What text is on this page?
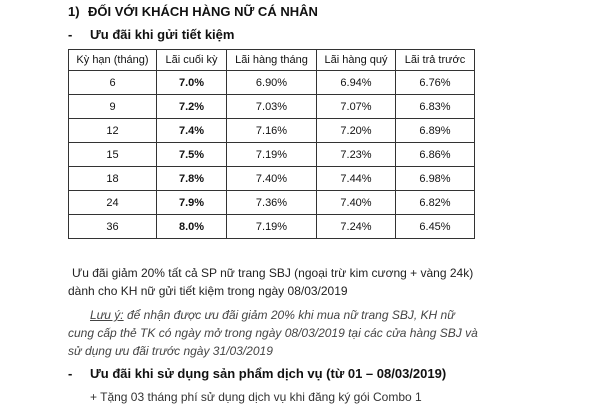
1) ĐỐI VỚI KHÁCH HÀNG NỮ CÁ NHÂN
- Ưu đãi khi gửi tiết kiệm
Kỳ hạn (tháng)	Lãi cuối kỳ	Lãi hàng tháng	Lãi hàng quý	Lãi trả trước
6	7.0%	6.90%	6.94%	6.76%
9	7.2%	7.03%	7.07%	6.83%
12	7.4%	7.16%	7.20%	6.89%
15	7.5%	7.19%	7.23%	6.86%
18	7.8%	7.40%	7.44%	6.98%
24	7.9%	7.36%	7.40%	6.82%
36	8.0%	7.19%	7.24%	6.45%
Ưu đãi giảm 20% tất cả SP nữ trang SBJ (ngoại trừ kim cương + vàng 24k) dành cho KH nữ gửi tiết kiệm trong ngày 08/03/2019
Lưu ý: để nhận được ưu đãi giảm 20% khi mua nữ trang SBJ, KH nữ cung cấp thẻ TK có ngày mở trong ngày 08/03/2019 tại các cửa hàng SBJ và sử dụng ưu đãi trước ngày 31/03/2019
- Ưu đãi khi sử dụng sản phẩm dịch vụ (từ 01 – 08/03/2019)
+ Tặng 03 tháng phí sử dụng dịch vụ khi đăng ký gói Combo 1
